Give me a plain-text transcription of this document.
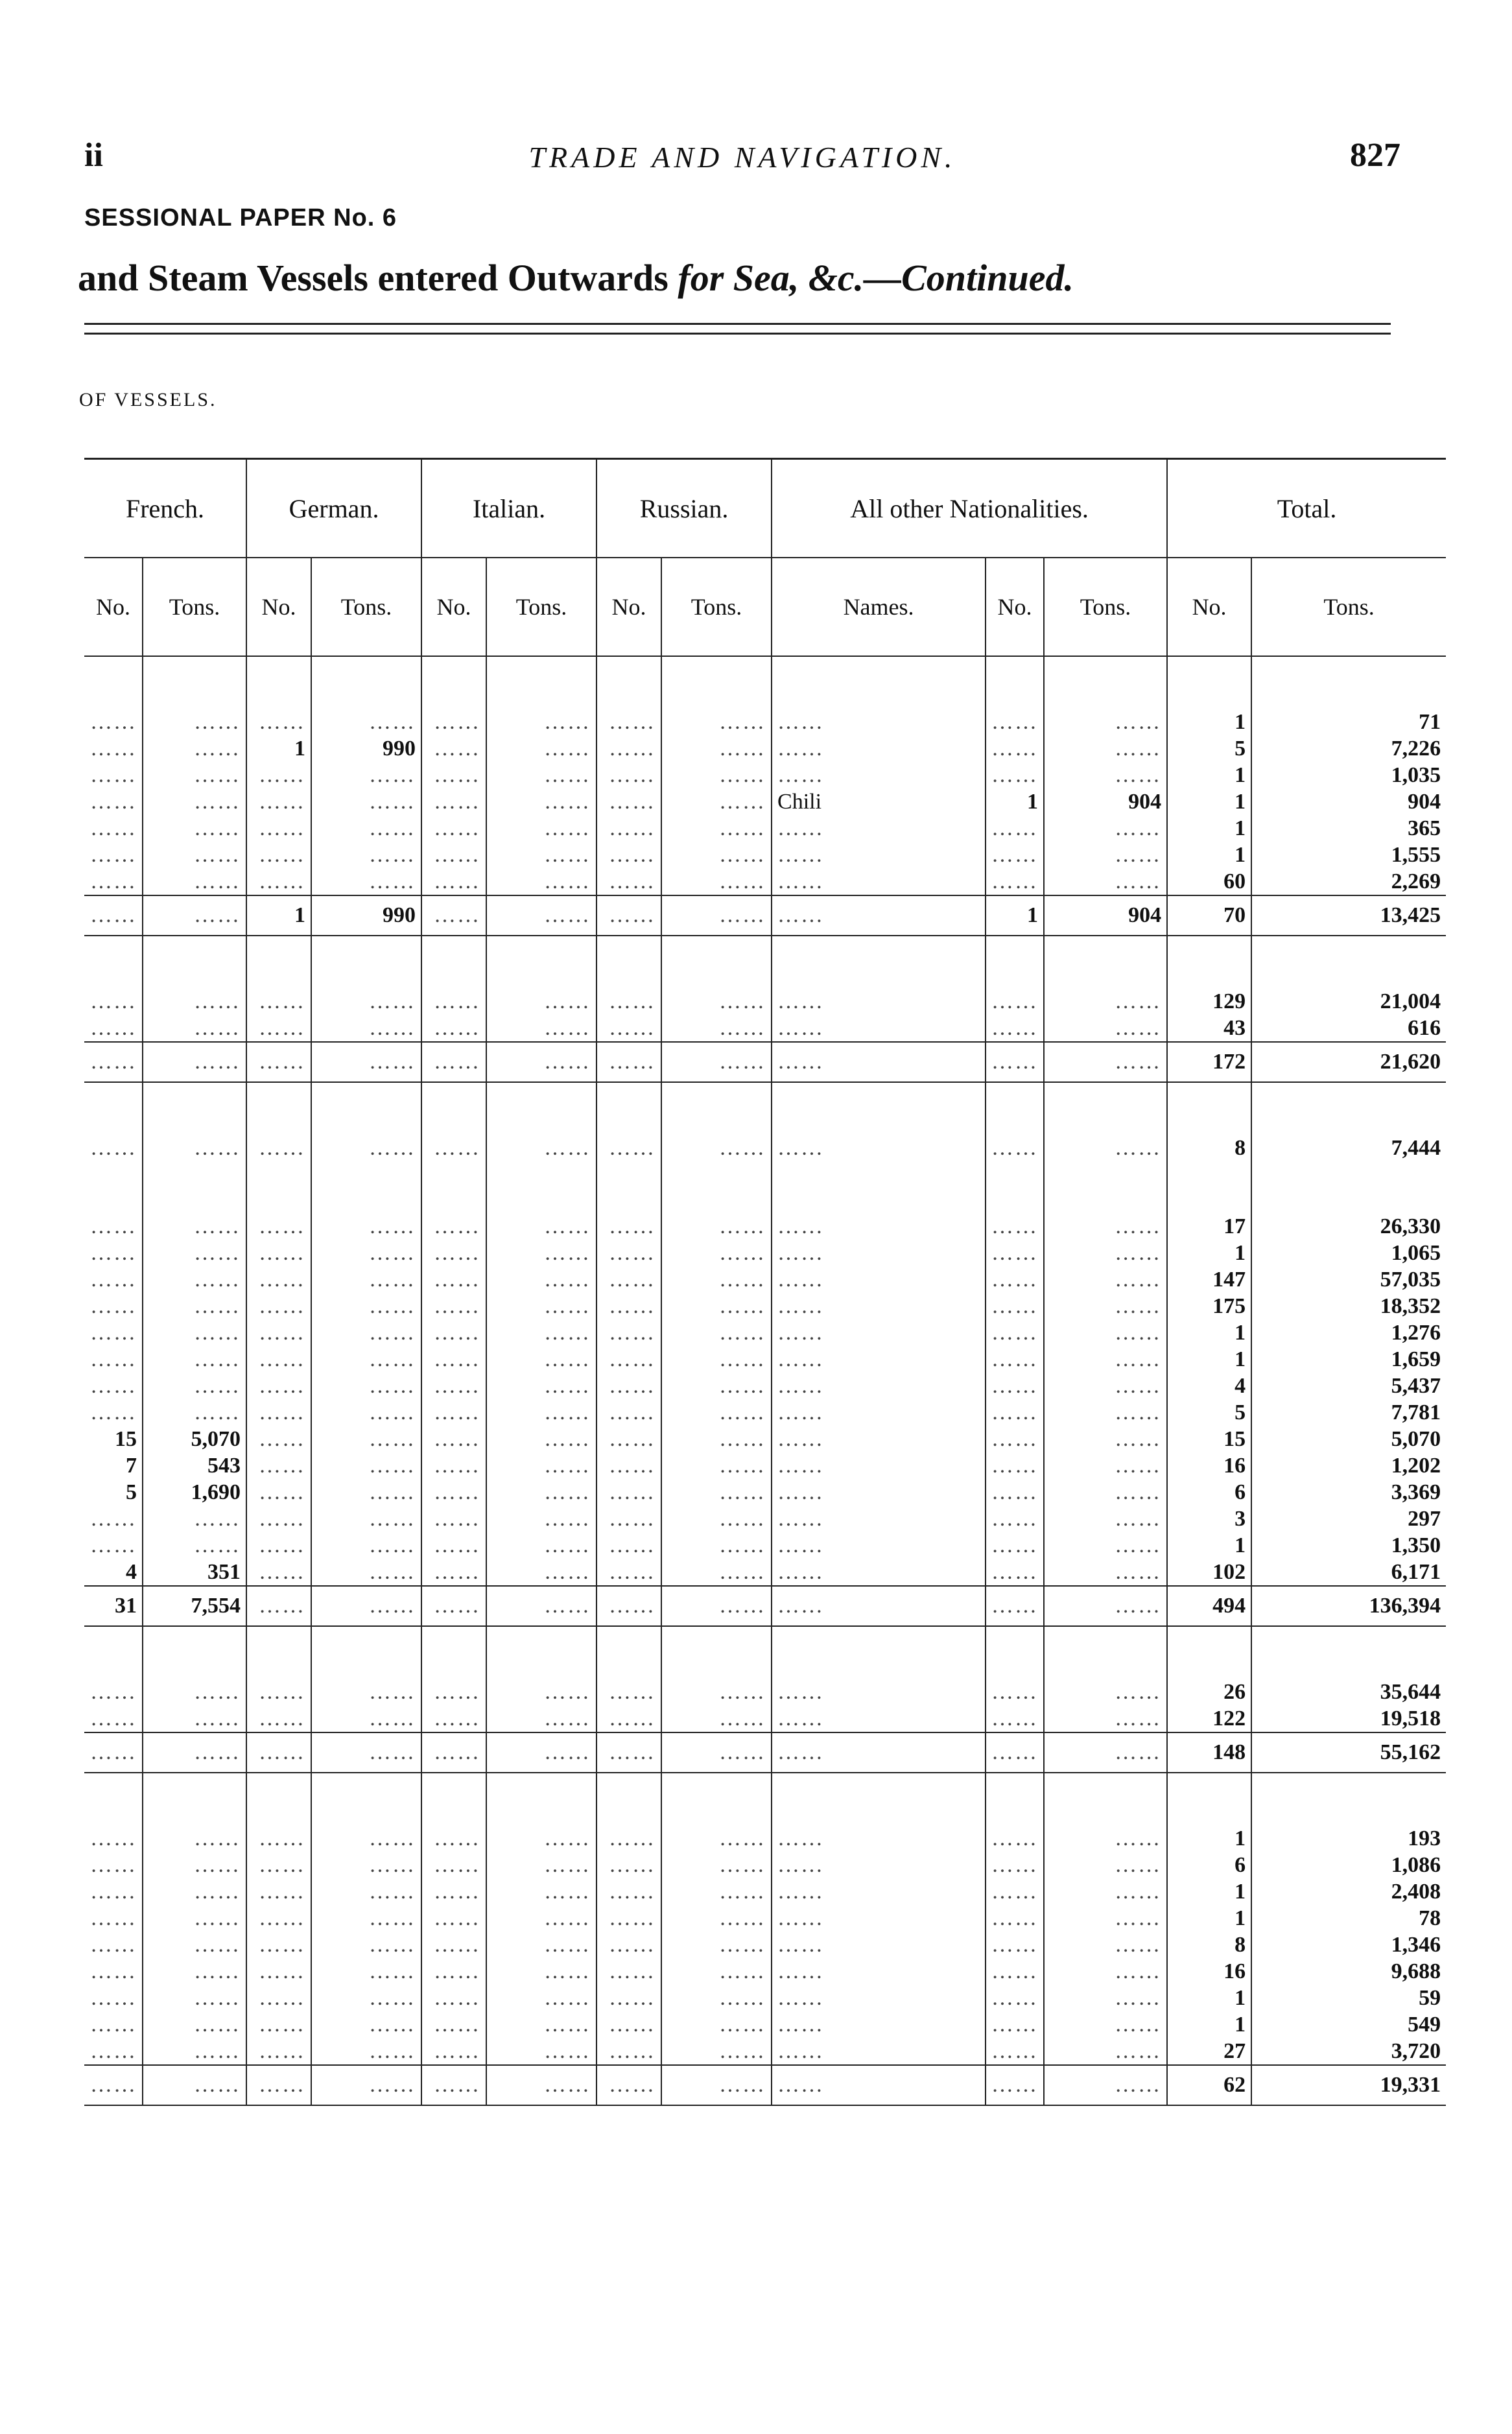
ii	TRADE AND NAVIGATION.	827
SESSIONAL PAPER No. 6
and Steam Vessels entered Outwards for Sea, &c.—Continued.
OF VESSELS.
French.		German.		Italian.		Russian.		All other Nationalities.			Total.	
No.	Tons.	No.	Tons.	No.	Tons.	No.	Tons.	Names.	No.	Tons.	No.	Tons.

……	……	……	……	……	……	……	……	……	……	……	1	71
……	……	1	990	……	……	……	……	……	……	……	5	7,226
……	……	……	……	……	……	……	……	……	……	……	1	1,035
……	……	……	……	……	……	……	……	Chili	1	904	1	904
……	……	……	……	……	……	……	……	……	……	……	1	365
……	……	……	……	……	……	……	……	……	……	……	1	1,555
……	……	……	……	……	……	……	……	……	……	……	60	2,269
……	……	1	990	……	……	……	……	……	1	904	70	13,425

……	……	……	……	……	……	……	……	……	……	……	129	21,004
……	……	……	……	……	……	……	……	……	……	……	43	616
……	……	……	……	……	……	……	……	……	……	……	172	21,620

……	……	……	……	……	……	……	……	……	……	……	8	7,444

……	……	……	……	……	……	……	……	……	……	……	17	26,330
……	……	……	……	……	……	……	……	……	……	……	1	1,065
……	……	……	……	……	……	……	……	……	……	……	147	57,035
……	……	……	……	……	……	……	……	……	……	……	175	18,352
……	……	……	……	……	……	……	……	……	……	……	1	1,276
……	……	……	……	……	……	……	……	……	……	……	1	1,659
……	……	……	……	……	……	……	……	……	……	……	4	5,437
……	……	……	……	……	……	……	……	……	……	……	5	7,781
15	5,070	……	……	……	……	……	……	……	……	……	15	5,070
7	543	……	……	……	……	……	……	……	……	……	16	1,202
5	1,690	……	……	……	……	……	……	……	……	……	6	3,369
……	……	……	……	……	……	……	……	……	……	……	3	297
……	……	……	……	……	……	……	……	……	……	……	1	1,350
4	351	……	……	……	……	……	……	……	……	……	102	6,171
31	7,554	……	……	……	……	……	……	……	……	……	494	136,394

……	……	……	……	……	……	……	……	……	……	……	26	35,644
……	……	……	……	……	……	……	……	……	……	……	122	19,518
……	……	……	……	……	……	……	……	……	……	……	148	55,162

……	……	……	……	……	……	……	……	……	……	……	1	193
……	……	……	……	……	……	……	……	……	……	……	6	1,086
……	……	……	……	……	……	……	……	……	……	……	1	2,408
……	……	……	……	……	……	……	……	……	……	……	1	78
……	……	……	……	……	……	……	……	……	……	……	8	1,346
……	……	……	……	……	……	……	……	……	……	……	16	9,688
……	……	……	……	……	……	……	……	……	……	……	1	59
……	……	……	……	……	……	……	……	……	……	……	1	549
……	……	……	……	……	……	……	……	……	……	……	27	3,720
……	……	……	……	……	……	……	……	……	……	……	62	19,331
